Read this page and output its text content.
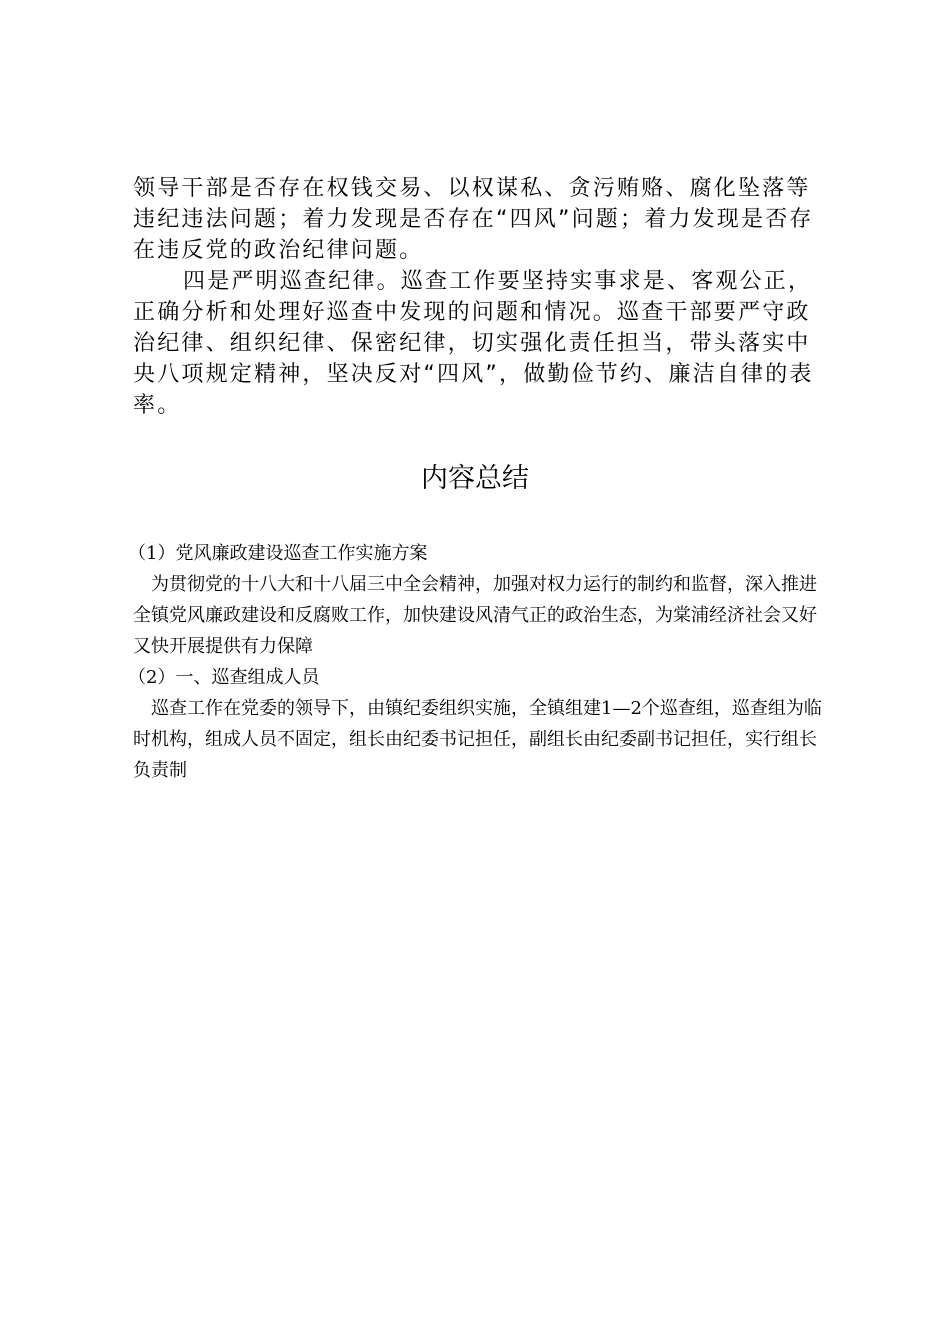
领导干部是否存在权钱交易、以权谋私、贪污贿赂、腐化坠落等违纪违法问题；着力发现是否存在“四风”问题；着力发现是否存在违反党的政治纪律问题。

四是严明巡查纪律。巡查工作要坚持实事求是、客观公正，正确分析和处理好巡查中发现的问题和情况。巡查干部要严守政治纪律、组织纪律、保密纪律，切实强化责任担当，带头落实中央八项规定精神，坚决反对“四风”，做勤俭节约、廉洁自律的表率。

内容总结

（1）党风廉政建设巡查工作实施方案

为贯彻党的十八大和十八届三中全会精神，加强对权力运行的制约和监督，深入推进全镇党风廉政建设和反腐败工作，加快建设风清气正的政治生态，为棠浦经济社会又好又快开展提供有力保障

（2）一、巡查组成人员

巡查工作在党委的领导下，由镇纪委组织实施，全镇组建1—2个巡查组，巡查组为临时机构，组成人员不固定，组长由纪委书记担任，副组长由纪委副书记担任，实行组长负责制
